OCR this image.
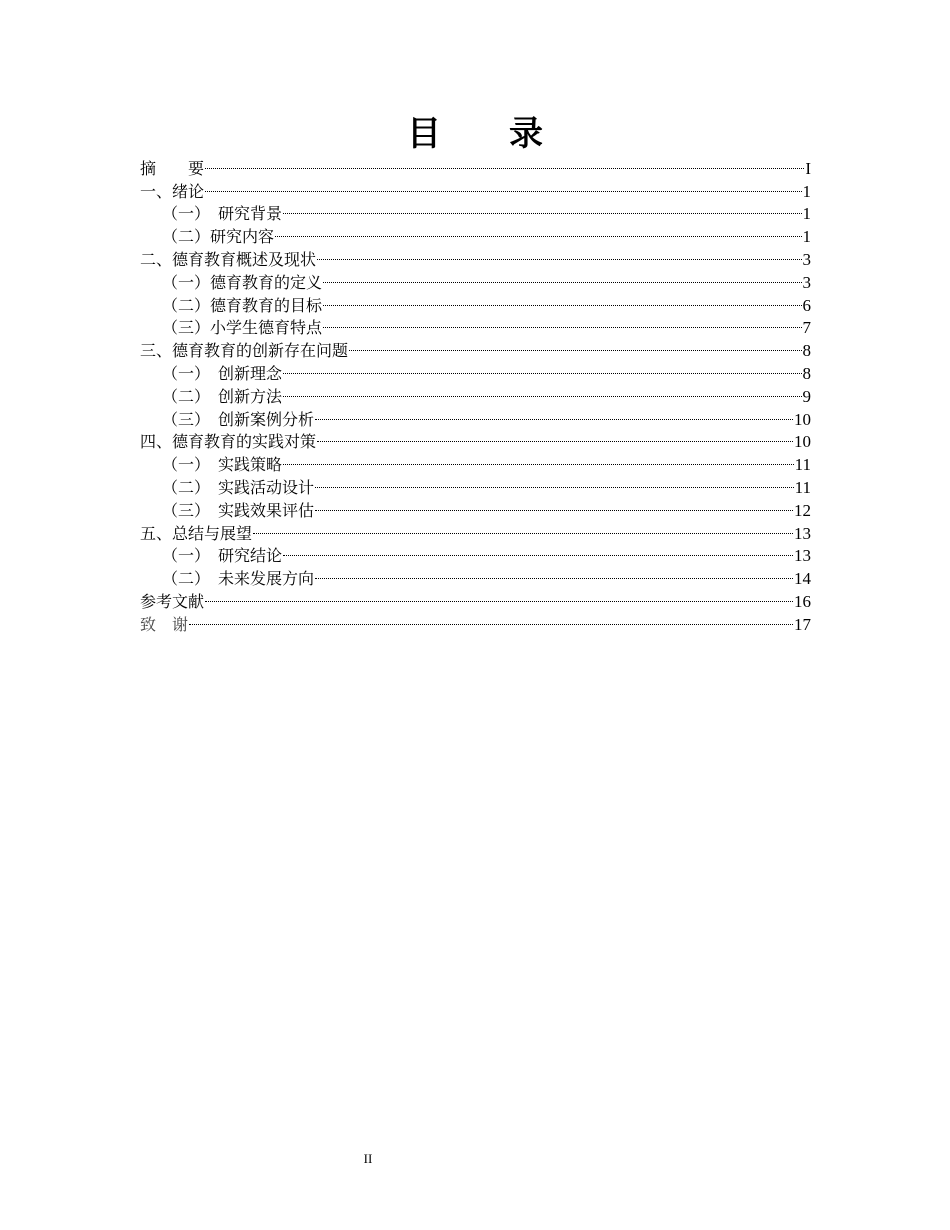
目　　录
摘　　要	I
一、绪论	1
（一）　研究背景	1
（二）研究内容	1
二、德育教育概述及现状	3
（一）德育教育的定义	3
（二）德育教育的目标	6
（三）小学生德育特点	7
三、德育教育的创新存在问题	8
（一）　创新理念	8
（二）　创新方法	9
（三）　创新案例分析	10
四、德育教育的实践对策	10
（一）　实践策略	11
（二）　实践活动设计	11
（三）　实践效果评估	12
五、总结与展望	13
（一）　研究结论	13
（二）　未来发展方向	14
参考文献	16
致　谢	17
II
